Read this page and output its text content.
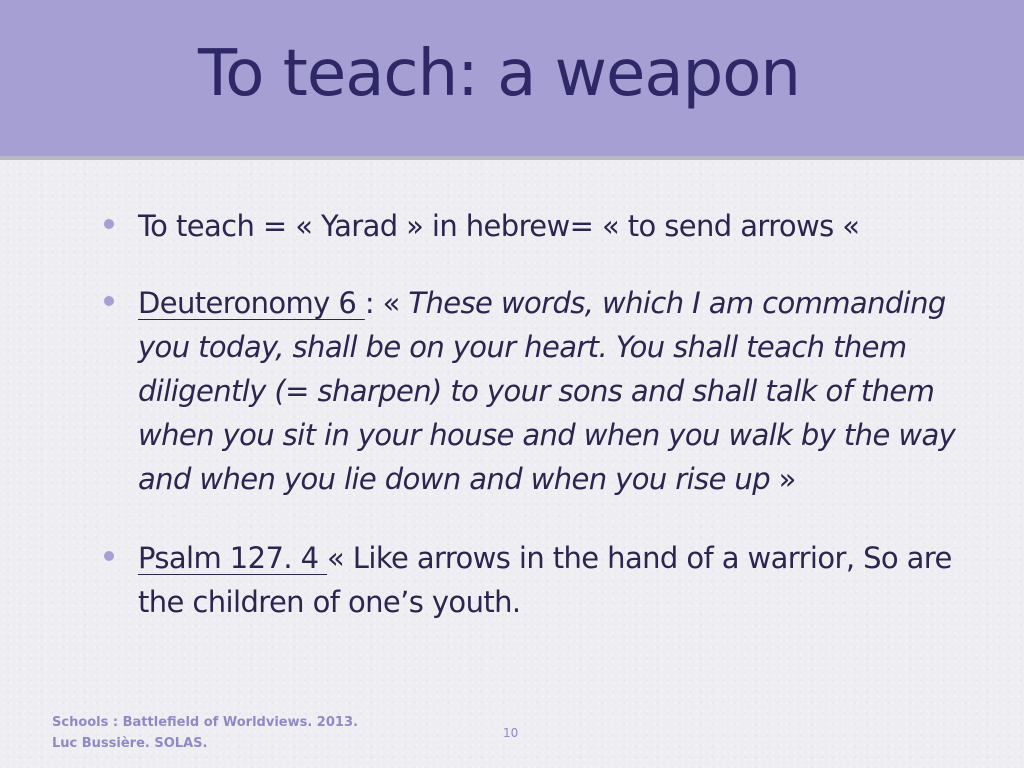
To teach: a weapon
To teach = « Yarad » in hebrew= « to send arrows «
Deuteronomy 6 : « These words, which I am commanding you today, shall be on your heart. You shall teach them diligently (= sharpen) to your sons and shall talk of them when you sit in your house and when you walk by the way and when you lie down and when you rise up »
Psalm 127. 4 « Like arrows in the hand of a warrior, So are the children of one’s youth.
Schools : Battlefield of Worldviews. 2013.
Luc Bussière. SOLAS.
10
